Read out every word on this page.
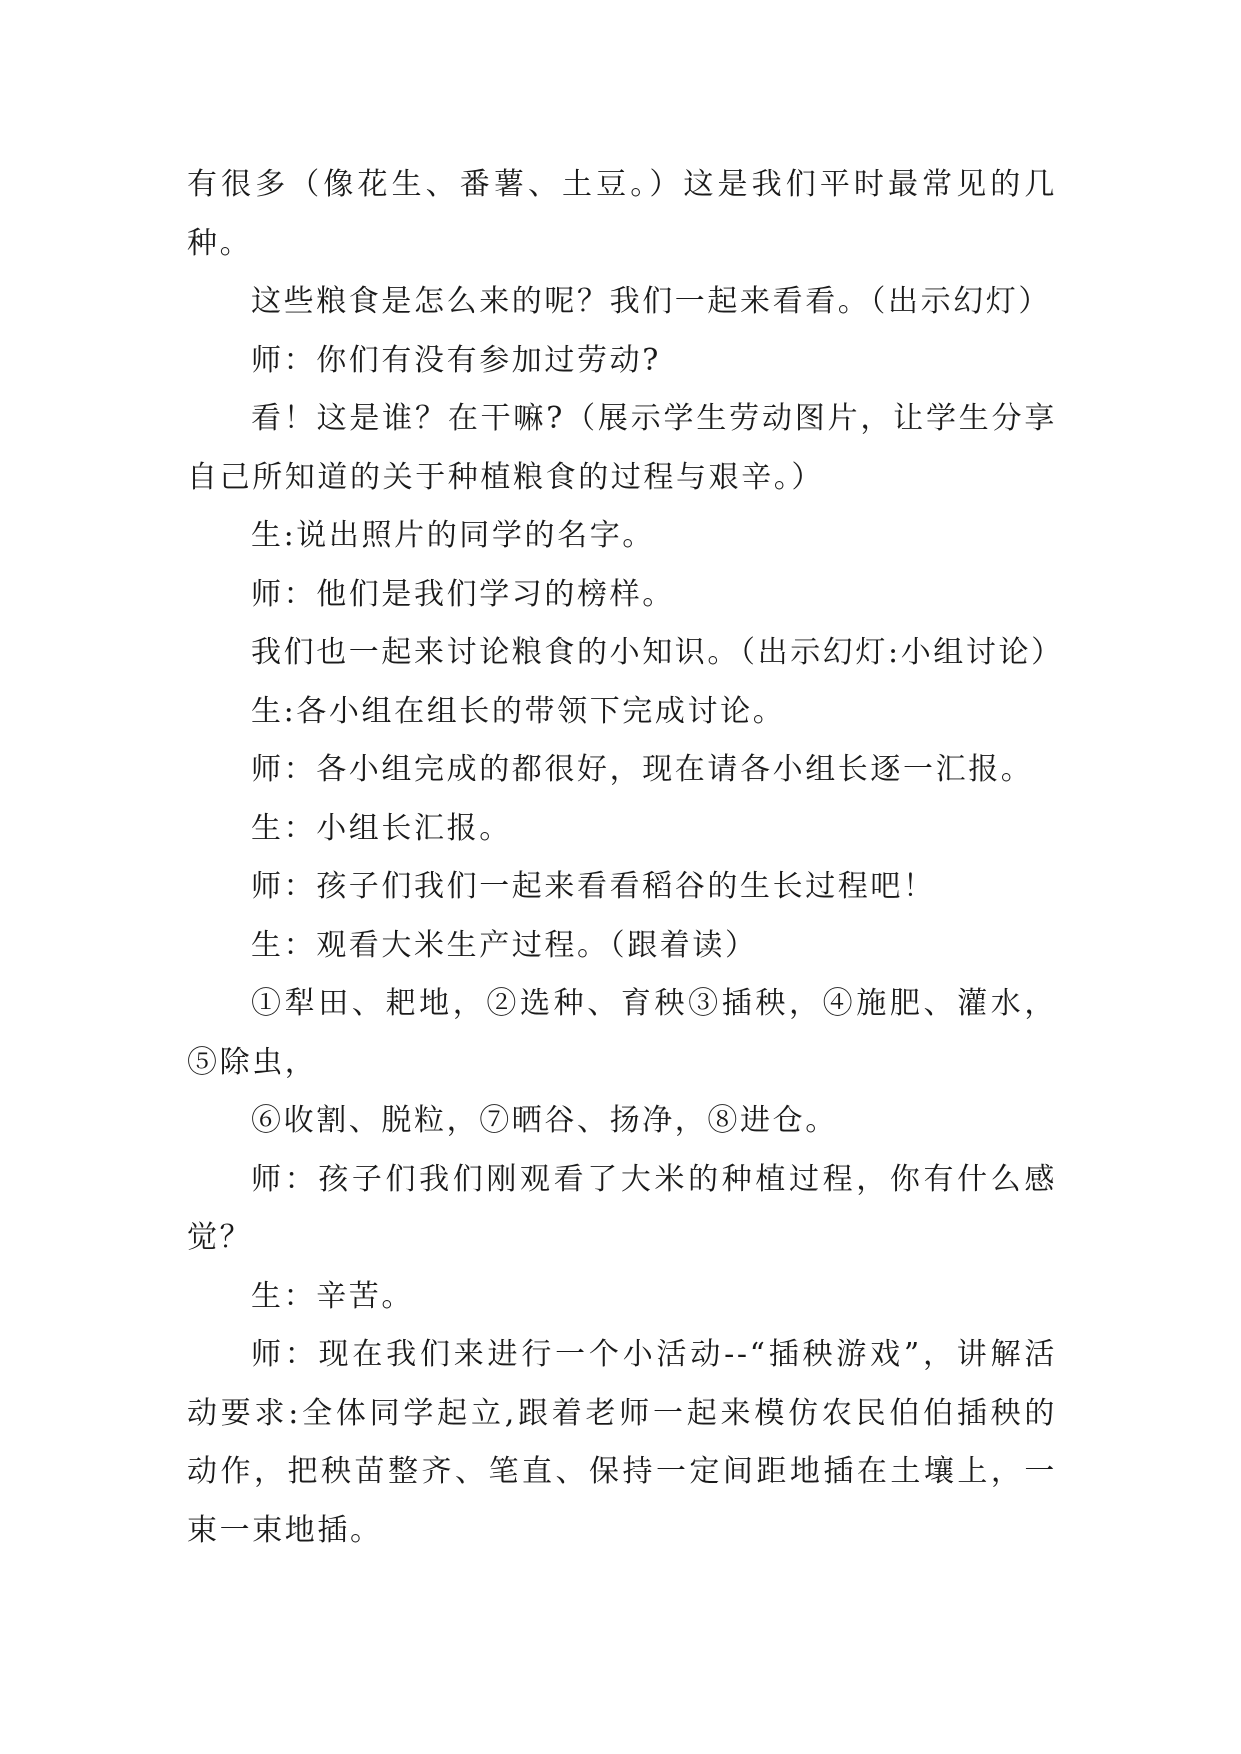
有很多（像花生、番薯、土豆。）这是我们平时最常见的几种。

这些粮食是怎么来的呢？我们一起来看看。（出示幻灯）

师：你们有没有参加过劳动?

看！这是谁？在干嘛?（展示学生劳动图片，让学生分享自己所知道的关于种植粮食的过程与艰辛。）

生:说出照片的同学的名字。

师：他们是我们学习的榜样。

我们也一起来讨论粮食的小知识。（出示幻灯:小组讨论）

生:各小组在组长的带领下完成讨论。

师：各小组完成的都很好，现在请各小组长逐一汇报。

生：小组长汇报。

师：孩子们我们一起来看看稻谷的生长过程吧！

生：观看大米生产过程。（跟着读）

①犁田、耙地，②选种、育秧③插秧，④施肥、灌水，⑤除虫，

⑥收割、脱粒，⑦晒谷、扬净，⑧进仓。

师：孩子们我们刚观看了大米的种植过程，你有什么感觉？

生：辛苦。

师：现在我们来进行一个小活动--“插秧游戏”，讲解活动要求:全体同学起立,跟着老师一起来模仿农民伯伯插秧的动作，把秧苗整齐、笔直、保持一定间距地插在土壤上，一束一束地插。
